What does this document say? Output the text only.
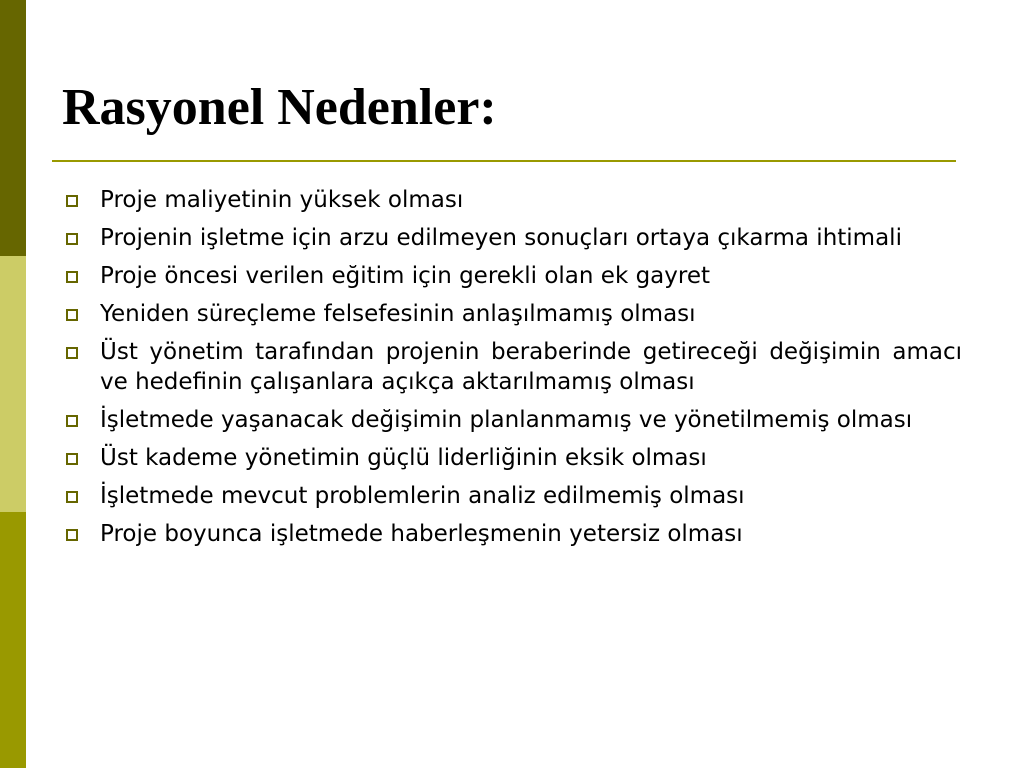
Rasyonel Nedenler:
Proje maliyetinin yüksek olması
Projenin işletme için arzu edilmeyen sonuçları ortaya çıkarma ihtimali
Proje öncesi verilen eğitim için gerekli olan ek gayret
Yeniden süreçleme felsefesinin anlaşılmamış olması
Üst yönetim tarafından projenin beraberinde getireceği değişimin amacı ve hedefinin çalışanlara açıkça aktarılmamış olması
İşletmede yaşanacak değişimin planlanmamış ve yönetilmemiş olması
Üst kademe yönetimin güçlü liderliğinin eksik olması
İşletmede mevcut problemlerin analiz edilmemiş olması
Proje boyunca işletmede haberleşmenin yetersiz olması
